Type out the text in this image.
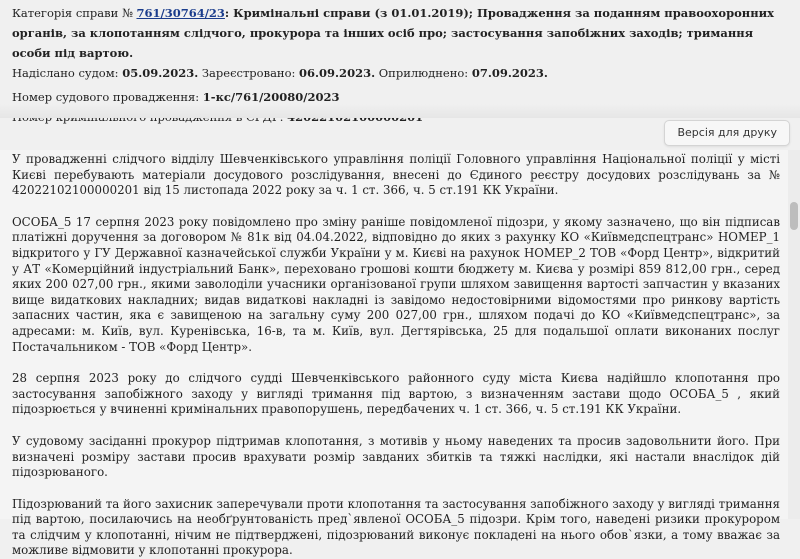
Категорія справи № 761/30764/23: Кримінальні справи (з 01.01.2019); Провадження за поданням правоохоронних органів, за клопотанням слідчого, прокурора та інших осіб про; застосування запобіжних заходів; тримання особи під вартою.
Надіслано судом: 05.09.2023. Зареєстровано: 06.09.2023. Оприлюднено: 07.09.2023.
Номер судового провадження: 1-кс/761/20080/2023
Версія для друку

У провадженні слідчого відділу Шевченківського управління поліції Головного управління Національної поліції у місті Києві перебувають матеріали досудового розслідування, внесені до Єдиного реєстру досудових розслідувань за № 42022102100000201 від 15 листопада 2022 року за ч. 1 ст. 366, ч. 5 ст.191 КК України.

ОСОБА_5 17 серпня 2023 року повідомлено про зміну раніше повідомленої підозри, у якому зазначено, що він підписав платіжні доручення за договором № 81к від 04.04.2022, відповідно до яких з рахунку КО «Київмедспецтранс» НОМЕР_1 відкритого у ГУ Державної казначейської служби України у м. Києві на рахунок НОМЕР_2 ТОВ «Форд Центр», відкритий у АТ «Комерційний індустріальний Банк», переховано грошові кошти бюджету м. Києва у розмірі 859 812,00 грн., серед яких 200 027,00 грн., якими заволоділи учасники організованої групи шляхом завищення вартості запчастин у вказаних вище видаткових накладних; видав видаткові накладні із завідомо недостовірними відомостями про ринкову вартість запасних частин, яка є завищеною на загальну суму 200 027,00 грн., шляхом подачі до КО «Київмедспецтранс», за адресами: м. Київ, вул. Куренівська, 16-в, та м. Київ, вул. Дегтярівська, 25 для подальшої оплати виконаних послуг Постачальником - ТОВ «Форд Центр».

28 серпня 2023 року до слідчого судді Шевченківського районного суду міста Києва надійшло клопотання про застосування запобіжного заходу у вигляді тримання під вартою, з визначенням застави щодо ОСОБА_5 , який підозрюється у вчиненні кримінальних правопорушень, передбачених ч. 1 ст. 366, ч. 5 ст.191 КК України.

У судовому засіданні прокурор підтримав клопотання, з мотивів у ньому наведених та просив задовольнити його. При визначені розміру застави просив врахувати розмір завданих збитків та тяжкі наслідки, які настали внаслідок дій підозрюваного.

Підозрюваний та його захисник заперечували проти клопотання та застосування запобіжного заходу у вигляді тримання під вартою, посилаючись на необґрунтованість пред`явленої ОСОБА_5 підозри. Крім того, наведені ризики прокурором та слідчим у клопотанні, нічим не підтверджені, підозрюваний виконує покладені на нього обов`язки, а тому вважає за можливе відмовити у клопотанні прокурора.
